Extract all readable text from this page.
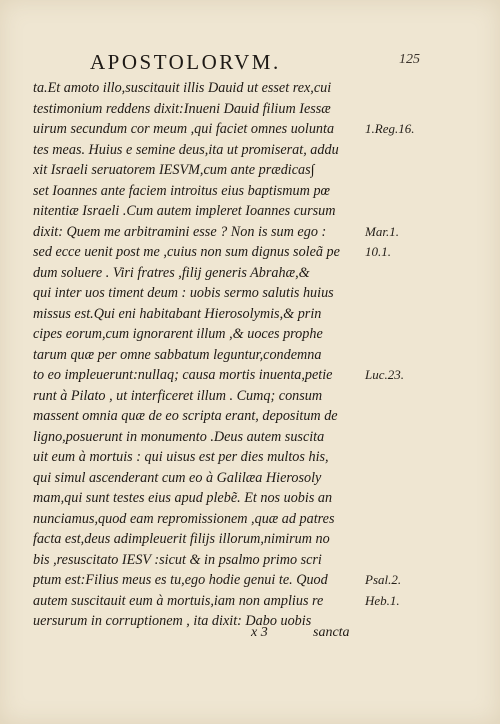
APOSTOLORVM.	125
ta.Et amoto illo,suscitauit illis Dauid ut esset rex,cui
testimonium reddens dixit:Inueni Dauid filium Iessæ
uirum secundum cor meum ,qui faciet omnes uolunta
tes meas. Huius e semine deus,ita ut promiserat, addu
xit Israeli seruatorem IESVM,cum ante prædicas∫
set Ioannes ante faciem introitus eius baptismum pœ
nitentiæ Israeli .Cum autem impleret Ioannes cursum
dixit: Quem me arbitramini esse ? Non is sum ego :
sed ecce uenit post me ,cuius non sum dignus soleã pe
dum soluere . Viri fratres ,filij generis Abrahæ,&
qui inter uos timent deum : uobis sermo salutis huius
missus est.Qui eni habitabant Hierosolymis,& prin
cipes eorum,cum ignorarent illum ,& uoces prophe
tarum quæ per omne sabbatum leguntur,condemna
to eo impleuerunt:nullaq; causa mortis inuenta,petie
runt à Pilato , ut interficeret illum . Cumq; consum
massent omnia quæ de eo scripta erant, depositum de
ligno,posuerunt in monumento .Deus autem suscita
uit eum à mortuis : qui uisus est per dies multos his,
qui simul ascenderant cum eo à Galilæa Hierosoly
mam,qui sunt testes eius apud plebẽ. Et nos uobis an
nunciamus,quod eam repromissionem ,quæ ad patres
facta est,deus adimpleuerit filijs illorum,nimirum no
bis ,resuscitato IESV :sicut & in psalmo primo scri
ptum est:Filius meus es tu,ego hodie genui te. Quod
autem suscitauit eum à mortuis,iam non amplius re
uersurum in corruptionem , ita dixit: Dabo uobis
1.Reg.16.
Mar.1.
10.1.
Luc.23.
Psal.2.
Heb.1.
x 3	sancta
